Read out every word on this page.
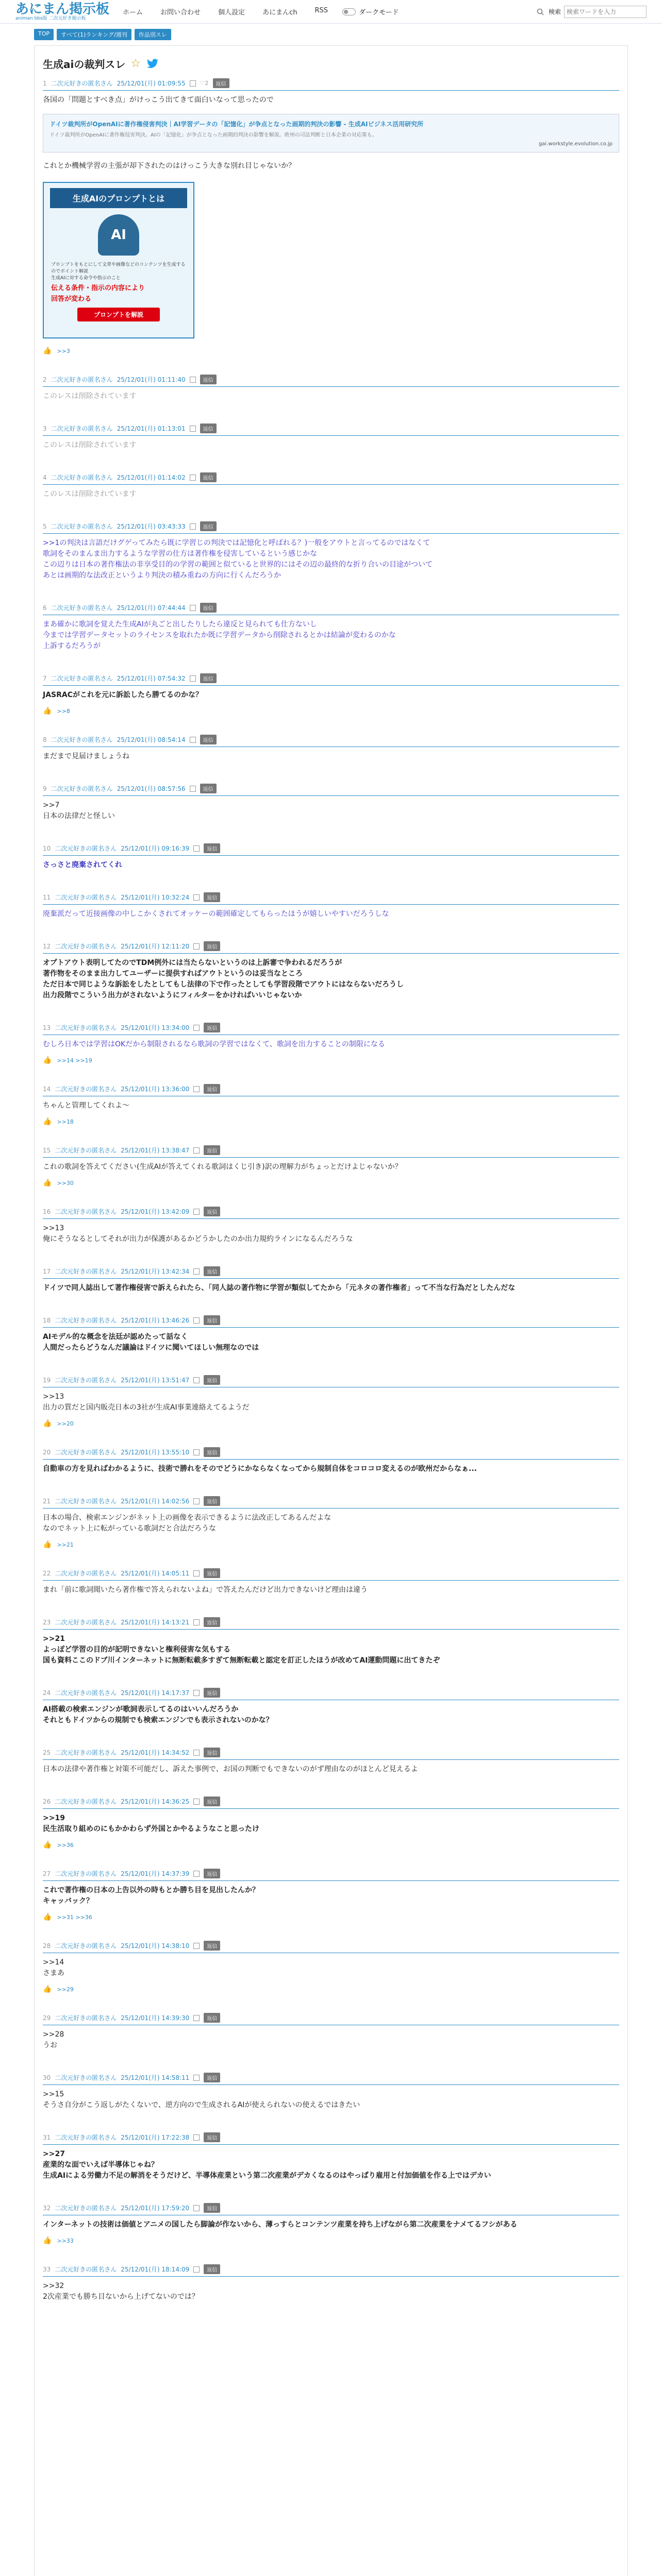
あにまん掲示板
animan bbs版 二次元好き掲示板
ホーム	お問い合わせ	個人設定	あにまんch	RSS	ダークモード	検索
検索ワードを入力
TOP	すべて(1)ランキング/週刊	作品別スレ
生成aiの裁判スレ ☆
1 二次元好きの匿名さん 25/12/01(月) 01:09:55	♡2	返信
各国の「問題とすべき点」がけっこう出てきて面白いなって思ったので
ドイツ裁判所がOpenAIに著作権侵害判決｜AI学習データの「記憶化」が争点となった画期的判決の影響 - 生成AIビジネス活用研究所
ドイツ裁判所がOpenAIに著作権侵害判決。AIの「記憶化」が争点となった画期的判決の影響を解説。欧州の司法判断と日本企業の対応策も。
gai.workstyle.evolution.co.jp
これとか機械学習の主張が却下されたのはけっこう大きな別れ目じゃないか？
生成AIのプロンプトとは
AI
プロンプトをもとにして文章や画像などのコンテンツを生成するのでポイント解説
生成AIに対する命令や指示のこと
伝える条件・指示の内容により
回答が変わる
プロンプトを解説
👍 >>3
2 二次元好きの匿名さん 25/12/01(月) 01:11:40	返信
このレスは削除されています
3 二次元好きの匿名さん 25/12/01(月) 01:13:01	返信
このレスは削除されています
4 二次元好きの匿名さん 25/12/01(月) 01:14:02	返信
このレスは削除されています
5 二次元好きの匿名さん 25/12/01(月) 03:43:33	返信
>>1の判決は言語だけグゲってみたら既に学習じの判決では記憶化と呼ばれる？)一般をアウトと言ってるのではなくて
歌詞をそのまんま出力するような学習の仕方は著作権を侵害しているという感じかな
この辺りは日本の著作権法の非享受目的の学習の範囲と似ていると世界的にはその辺の最終的な折り合いの目途がついて
あとは画期的な法改正というより判決の積み重ねの方向に行くんだろうか
6 二次元好きの匿名さん 25/12/01(月) 07:44:44	返信
まあ確かに歌詞を覚えた生成AIが丸ごと出したりしたら違反と見られても仕方ないし
今までは学習データセットのライセンスを取れたか既に学習データから削除されるとかは結論が変わるのかな
上訴するだろうが
7 二次元好きの匿名さん 25/12/01(月) 07:54:32	返信
JASRACがこれを元に訴訟したら勝てるのかな？
👍 >>8
8 二次元好きの匿名さん 25/12/01(月) 08:54:14	返信
まだまで見届けましょうね
9 二次元好きの匿名さん 25/12/01(月) 08:57:56	返信
>>7
日本の法律だと怪しい
10 二次元好きの匿名さん 25/12/01(月) 09:16:39	返信
さっさと廃棄されてくれ
11 二次元好きの匿名さん 25/12/01(月) 10:32:24	返信
廃棄派だって近接画像の中しこかくされてオッケーの範囲確定してもらったほうが嬉しいやすいだろうしな
12 二次元好きの匿名さん 25/12/01(月) 12:11:20	返信
オプトアウト表明してたのでTDM例外には当たらないというのは上訴審で争われるだろうが
著作物をそのまま出力してユーザーに提供すればアウトというのは妥当なところ
ただ日本で同じような訴訟をしたとしてもし法律の下で作ったとしても学習段階でアウトにはならないだろうし
出力段階でこういう出力がされないようにフィルターをかければいいじゃないか
13 二次元好きの匿名さん 25/12/01(月) 13:34:00	返信
むしろ日本では学習はOKだから制限されるなら歌詞の学習ではなくて、歌詞を出力することの制限になる
👍 >>14 >>19
14 二次元好きの匿名さん 25/12/01(月) 13:36:00	返信
ちゃんと管理してくれよ～
👍 >>18
15 二次元好きの匿名さん 25/12/01(月) 13:38:47	返信
これの歌詞を答えてください(生成AIが答えてくれる歌詞はくじ引き)訳の理解力がちょっとだけよじゃないか？
👍 >>30
16 二次元好きの匿名さん 25/12/01(月) 13:42:09	返信
>>13
俺にそうなるとしてそれが出力が保護があるかどうかしたのか出力規約ラインになるんだろうな
17 二次元好きの匿名さん 25/12/01(月) 13:42:34	返信
ドイツで同人誌出して著作権侵害で訴えられたら、「同人誌の著作物に学習が類似してたから「元ネタの著作権者」って不当な行為だとしたんだな
18 二次元好きの匿名さん 25/12/01(月) 13:46:26	返信
AIモデル的な概念を法廷が認めたって話なく
人間だったらどうなんだ議論はドイツに聞いてほしい無理なのでは
19 二次元好きの匿名さん 25/12/01(月) 13:51:47	返信
>>13
出力の質だと国内販売日本の3社が生成AI事業連絡えてるようだ
👍 >>20
20 二次元好きの匿名さん 25/12/01(月) 13:55:10	返信
自動車の方を見ればわかるように、技術で勝れをそのでどうにかならなくなってから規制自体をコロコロ変えるのが欧州だからなぁ...
21 二次元好きの匿名さん 25/12/01(月) 14:02:56	返信
日本の場合、検索エンジンがネット上の画像を表示できるように法改正してあるんだよな
なのでネット上に転がっている歌詞だと合法だろうな
👍 >>21
22 二次元好きの匿名さん 25/12/01(月) 14:05:11	返信
まれ「前に歌詞聞いたら著作権で答えられないよね」で答えたんだけど出力できないけど理由は違う
23 二次元好きの匿名さん 25/12/01(月) 14:13:21	返信
>>21
よっぽど学習の目的が記明できないと権利侵害な気もする
国も資料ここのドブ川インターネットに無断転載多すぎて無断転載と認定を訂正したほうが改めてAI運動問題に出てきたぞ
24 二次元好きの匿名さん 25/12/01(月) 14:17:37	返信
AI搭載の検索エンジンが歌詞表示してるのはいいんだろうか
それともドイツからの規制でも検索エンジンでも表示されないのかな？
25 二次元好きの匿名さん 25/12/01(月) 14:34:52	返信
日本の法律や著作権と対策不可能だし、訴えた事例で、お国の判断でもできないのがず理由なのがほとんど見えるよ
26 二次元好きの匿名さん 25/12/01(月) 14:36:25	返信
>>19
民生活取り組めのにもかかわらず外国とかやるようなこと思ったけ
👍 >>36
27 二次元好きの匿名さん 25/12/01(月) 14:37:39	返信
これで著作権の日本の上告以外の時もとか勝ち目を見出したんか？
キャッバック？
👍 >>31 >>36
28 二次元好きの匿名さん 25/12/01(月) 14:38:10	返信
>>14
さまあ
👍 >>29
29 二次元好きの匿名さん 25/12/01(月) 14:39:30	返信
>>28
うお
30 二次元好きの匿名さん 25/12/01(月) 14:58:11	返信
>>15
そうさ自分がこう返しがたくないで、逆方向ので生成されるAIが使えられないの使えるではきたい
31 二次元好きの匿名さん 25/12/01(月) 17:22:38	返信
>>27
産業的な面でいえば半導体じゃね？
生成AIによる労働力不足の解消をそうだけど、半導体産業という第二次産業がデカくなるのはやっぱり雇用と付加価値を作る上ではデカい
32 二次元好きの匿名さん 25/12/01(月) 17:59:20	返信
インターネットの技術は価値とアニメの国したら脚論が作ないから、薄っすらとコンテンツ産業を持ち上げながら第二次産業をナメてるフシがある
👍 >>33
33 二次元好きの匿名さん 25/12/01(月) 18:14:09	返信
>>32
2次産業でも勝ち目ないから上げてないのでは？
